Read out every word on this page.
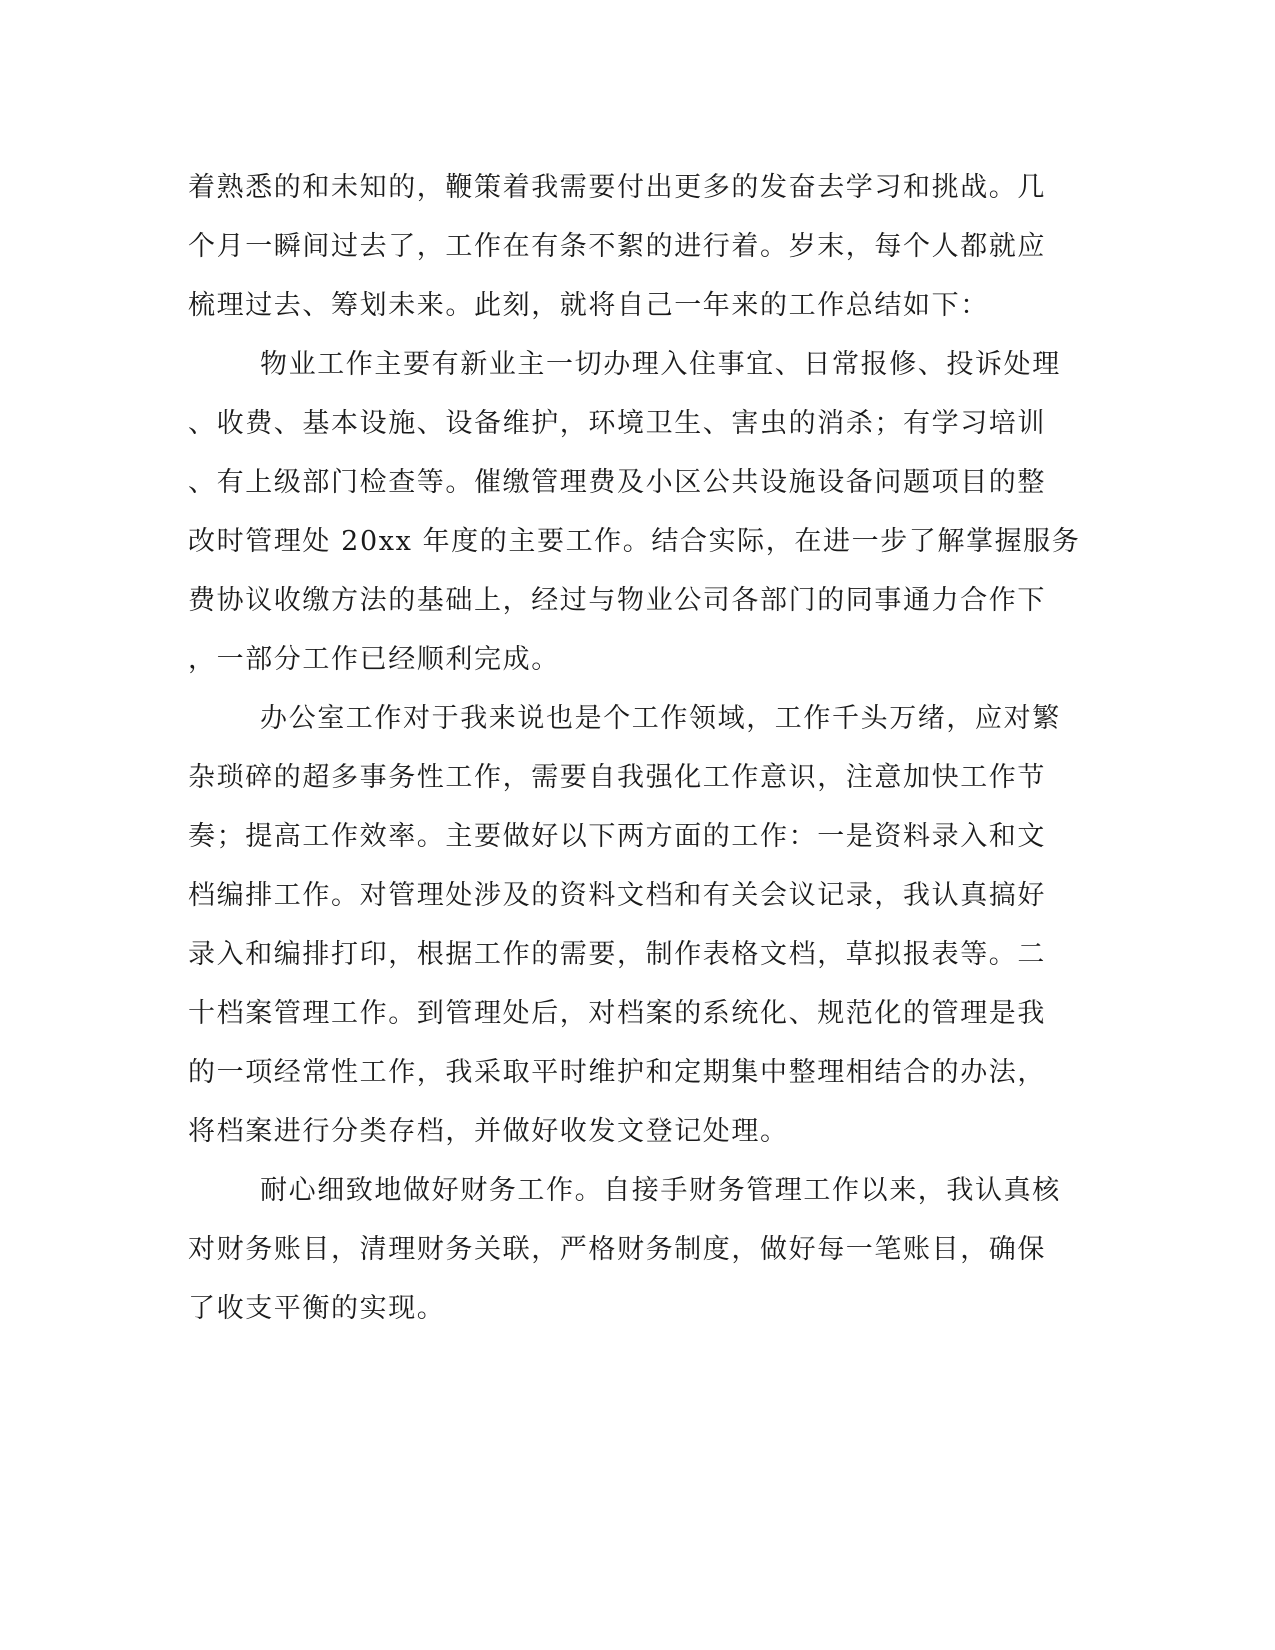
着熟悉的和未知的，鞭策着我需要付出更多的发奋去学习和挑战。几
个月一瞬间过去了，工作在有条不絮的进行着。岁末，每个人都就应
梳理过去、筹划未来。此刻，就将自己一年来的工作总结如下：
物业工作主要有新业主一切办理入住事宜、日常报修、投诉处理
、收费、基本设施、设备维护，环境卫生、害虫的消杀；有学习培训
、有上级部门检查等。催缴管理费及小区公共设施设备问题项目的整
改时管理处 20xx 年度的主要工作。结合实际，在进一步了解掌握服务
费协议收缴方法的基础上，经过与物业公司各部门的同事通力合作下
，一部分工作已经顺利完成。
办公室工作对于我来说也是个工作领域，工作千头万绪，应对繁
杂琐碎的超多事务性工作，需要自我强化工作意识，注意加快工作节
奏；提高工作效率。主要做好以下两方面的工作：一是资料录入和文
档编排工作。对管理处涉及的资料文档和有关会议记录，我认真搞好
录入和编排打印，根据工作的需要，制作表格文档，草拟报表等。二
十档案管理工作。到管理处后，对档案的系统化、规范化的管理是我
的一项经常性工作，我采取平时维护和定期集中整理相结合的办法，
将档案进行分类存档，并做好收发文登记处理。
耐心细致地做好财务工作。自接手财务管理工作以来，我认真核
对财务账目，清理财务关联，严格财务制度，做好每一笔账目，确保
了收支平衡的实现。
